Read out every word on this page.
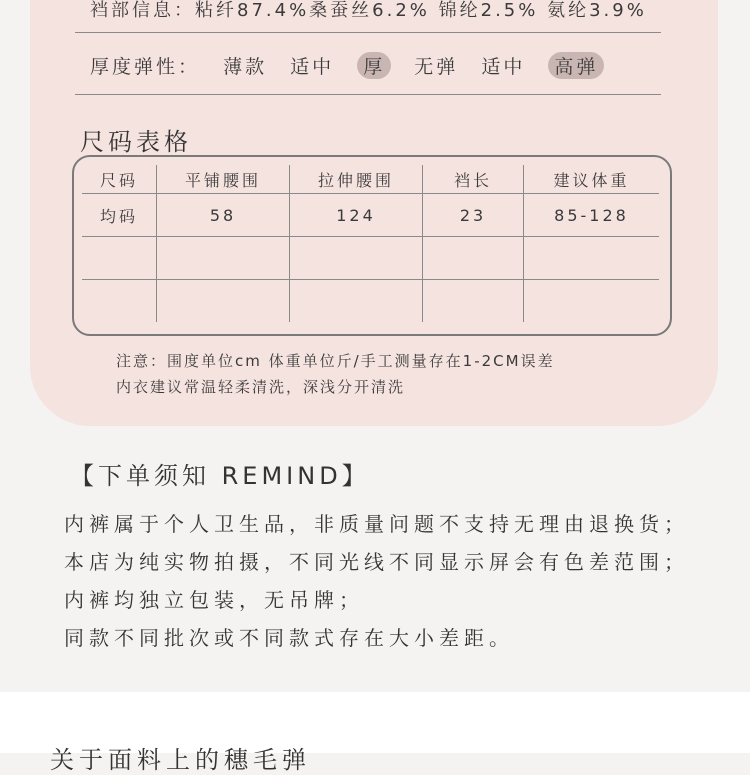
裆部信息：粘纤87.4%桑蚕丝6.2% 锦纶2.5% 氨纶3.9%
厚度弹性： 薄款 适中 厚 无弹 适中 高弹
尺码表格
尺码	平铺腰围	拉伸腰围	裆长	建议体重
均码	58	124	23	85-128

注意：围度单位cm 体重单位斤/手工测量存在1-2CM误差
内衣建议常温轻柔清洗，深浅分开清洗
【下单须知 REMIND】
内裤属于个人卫生品，非质量问题不支持无理由退换货；
本店为纯实物拍摄，不同光线不同显示屏会有色差范围；
内裤均独立包装，无吊牌；
同款不同批次或不同款式存在大小差距。
关于面料上的穗毛弹
